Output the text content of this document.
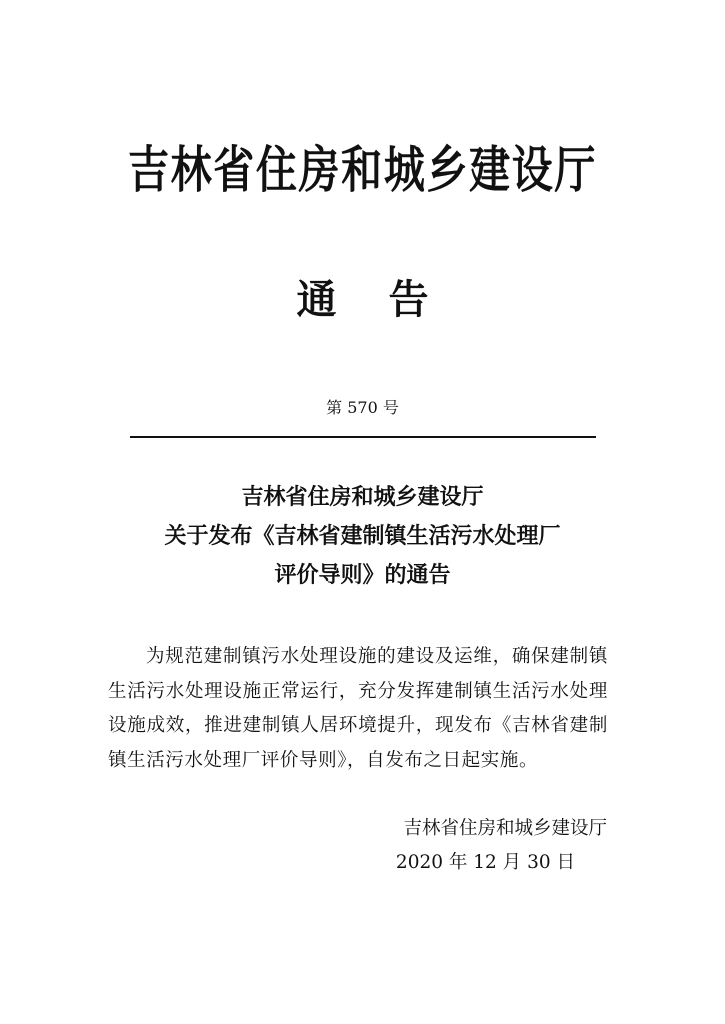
吉林省住房和城乡建设厅
通告
第 570 号
吉林省住房和城乡建设厅
关于发布《吉林省建制镇生活污水处理厂
评价导则》的通告
为规范建制镇污水处理设施的建设及运维，确保建制镇生活污水处理设施正常运行，充分发挥建制镇生活污水处理设施成效，推进建制镇人居环境提升，现发布《吉林省建制镇生活污水处理厂评价导则》，自发布之日起实施。
吉林省住房和城乡建设厅
2020 年 12 月 30 日
